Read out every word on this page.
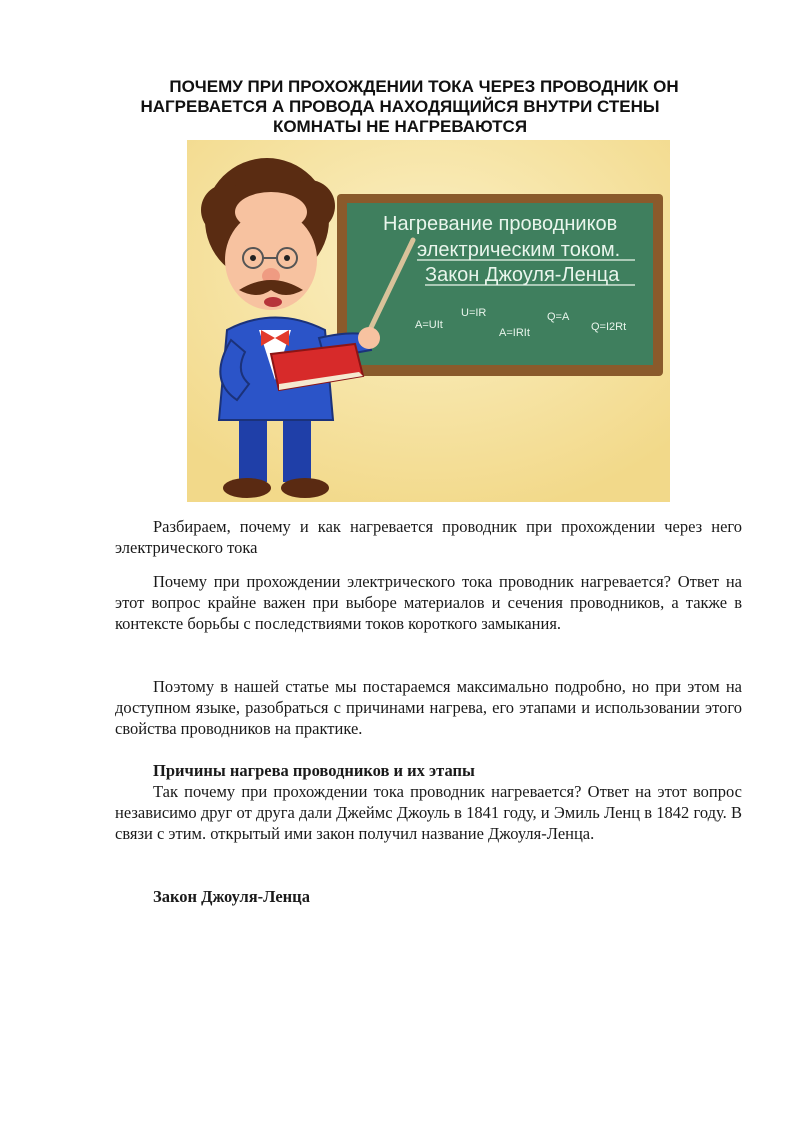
ПОЧЕМУ ПРИ ПРОХОЖДЕНИИ ТОКА ЧЕРЕЗ ПРОВОДНИК ОН
НАГРЕВАЕТСЯ А ПРОВОДА НАХОДЯЩИЙСЯ ВНУТРИ СТЕНЫ
КОМНАТЫ НЕ НАГРЕВАЮТСЯ
Нагревание проводников
электрическим током.
Закон Джоуля-Ленца
A=UIt
U=IR
A=IRIt
Q=A
Q=I2Rt
Разбираем, почему и как нагревается проводник при прохождении через него электрического тока
Почему при прохождении электрического тока проводник нагревается? Ответ на этот вопрос крайне важен при выборе материалов и сечения проводников, а также в контексте борьбы с последствиями токов короткого замыкания.
Поэтому в нашей статье мы постараемся максимально подробно, но при этом на доступном языке, разобраться с причинами нагрева, его этапами и использовании этого свойства проводников на практике.
Причины нагрева проводников и их этапы
Так почему при прохождении тока проводник нагревается? Ответ на этот вопрос независимо друг от друга дали Джеймс Джоуль в 1841 году, и Эмиль Ленц в 1842 году. В связи с этим. открытый ими закон получил название Джоуля-Ленца.
Закон Джоуля-Ленца
